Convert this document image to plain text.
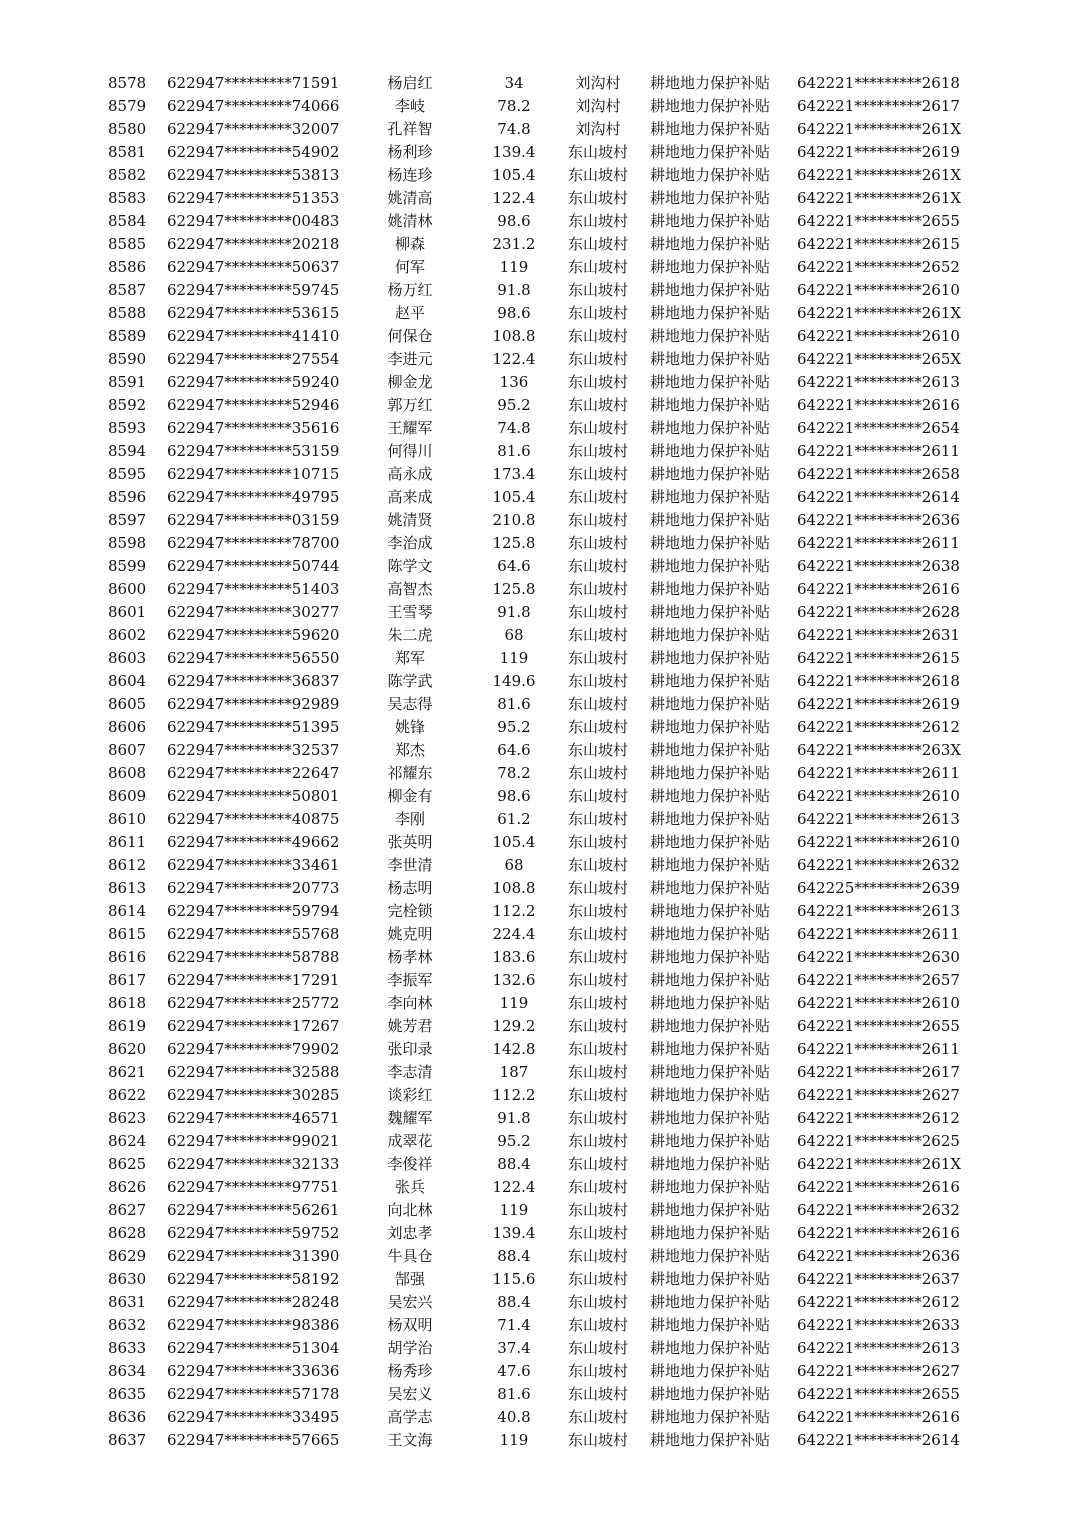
8578	622947*********71591	杨启红	34	刘沟村	耕地地力保护补贴	642221*********2618
8579	622947*********74066	李岐	78.2	刘沟村	耕地地力保护补贴	642221*********2617
8580	622947*********32007	孔祥智	74.8	刘沟村	耕地地力保护补贴	642221*********261X
8581	622947*********54902	杨利珍	139.4	东山坡村	耕地地力保护补贴	642221*********2619
8582	622947*********53813	杨连珍	105.4	东山坡村	耕地地力保护补贴	642221*********261X
8583	622947*********51353	姚清高	122.4	东山坡村	耕地地力保护补贴	642221*********261X
8584	622947*********00483	姚清林	98.6	东山坡村	耕地地力保护补贴	642221*********2655
8585	622947*********20218	柳森	231.2	东山坡村	耕地地力保护补贴	642221*********2615
8586	622947*********50637	何军	119	东山坡村	耕地地力保护补贴	642221*********2652
8587	622947*********59745	杨万红	91.8	东山坡村	耕地地力保护补贴	642221*********2610
8588	622947*********53615	赵平	98.6	东山坡村	耕地地力保护补贴	642221*********261X
8589	622947*********41410	何保仓	108.8	东山坡村	耕地地力保护补贴	642221*********2610
8590	622947*********27554	李进元	122.4	东山坡村	耕地地力保护补贴	642221*********265X
8591	622947*********59240	柳金龙	136	东山坡村	耕地地力保护补贴	642221*********2613
8592	622947*********52946	郭万红	95.2	东山坡村	耕地地力保护补贴	642221*********2616
8593	622947*********35616	王耀军	74.8	东山坡村	耕地地力保护补贴	642221*********2654
8594	622947*********53159	何得川	81.6	东山坡村	耕地地力保护补贴	642221*********2611
8595	622947*********10715	高永成	173.4	东山坡村	耕地地力保护补贴	642221*********2658
8596	622947*********49795	高来成	105.4	东山坡村	耕地地力保护补贴	642221*********2614
8597	622947*********03159	姚清贤	210.8	东山坡村	耕地地力保护补贴	642221*********2636
8598	622947*********78700	李治成	125.8	东山坡村	耕地地力保护补贴	642221*********2611
8599	622947*********50744	陈学文	64.6	东山坡村	耕地地力保护补贴	642221*********2638
8600	622947*********51403	高智杰	125.8	东山坡村	耕地地力保护补贴	642221*********2616
8601	622947*********30277	王雪琴	91.8	东山坡村	耕地地力保护补贴	642221*********2628
8602	622947*********59620	朱二虎	68	东山坡村	耕地地力保护补贴	642221*********2631
8603	622947*********56550	郑军	119	东山坡村	耕地地力保护补贴	642221*********2615
8604	622947*********36837	陈学武	149.6	东山坡村	耕地地力保护补贴	642221*********2618
8605	622947*********92989	吴志得	81.6	东山坡村	耕地地力保护补贴	642221*********2619
8606	622947*********51395	姚锋	95.2	东山坡村	耕地地力保护补贴	642221*********2612
8607	622947*********32537	郑杰	64.6	东山坡村	耕地地力保护补贴	642221*********263X
8608	622947*********22647	祁耀东	78.2	东山坡村	耕地地力保护补贴	642221*********2611
8609	622947*********50801	柳金有	98.6	东山坡村	耕地地力保护补贴	642221*********2610
8610	622947*********40875	李刚	61.2	东山坡村	耕地地力保护补贴	642221*********2613
8611	622947*********49662	张英明	105.4	东山坡村	耕地地力保护补贴	642221*********2610
8612	622947*********33461	李世清	68	东山坡村	耕地地力保护补贴	642221*********2632
8613	622947*********20773	杨志明	108.8	东山坡村	耕地地力保护补贴	642225*********2639
8614	622947*********59794	完栓锁	112.2	东山坡村	耕地地力保护补贴	642221*********2613
8615	622947*********55768	姚克明	224.4	东山坡村	耕地地力保护补贴	642221*********2611
8616	622947*********58788	杨孝林	183.6	东山坡村	耕地地力保护补贴	642221*********2630
8617	622947*********17291	李振军	132.6	东山坡村	耕地地力保护补贴	642221*********2657
8618	622947*********25772	李向林	119	东山坡村	耕地地力保护补贴	642221*********2610
8619	622947*********17267	姚芳君	129.2	东山坡村	耕地地力保护补贴	642221*********2655
8620	622947*********79902	张印录	142.8	东山坡村	耕地地力保护补贴	642221*********2611
8621	622947*********32588	李志清	187	东山坡村	耕地地力保护补贴	642221*********2617
8622	622947*********30285	谈彩红	112.2	东山坡村	耕地地力保护补贴	642221*********2627
8623	622947*********46571	魏耀军	91.8	东山坡村	耕地地力保护补贴	642221*********2612
8624	622947*********99021	成翠花	95.2	东山坡村	耕地地力保护补贴	642221*********2625
8625	622947*********32133	李俊祥	88.4	东山坡村	耕地地力保护补贴	642221*********261X
8626	622947*********97751	张兵	122.4	东山坡村	耕地地力保护补贴	642221*********2616
8627	622947*********56261	向北林	119	东山坡村	耕地地力保护补贴	642221*********2632
8628	622947*********59752	刘忠孝	139.4	东山坡村	耕地地力保护补贴	642221*********2616
8629	622947*********31390	牛具仓	88.4	东山坡村	耕地地力保护补贴	642221*********2636
8630	622947*********58192	郜强	115.6	东山坡村	耕地地力保护补贴	642221*********2637
8631	622947*********28248	吴宏兴	88.4	东山坡村	耕地地力保护补贴	642221*********2612
8632	622947*********98386	杨双明	71.4	东山坡村	耕地地力保护补贴	642221*********2633
8633	622947*********51304	胡学治	37.4	东山坡村	耕地地力保护补贴	642221*********2613
8634	622947*********33636	杨秀珍	47.6	东山坡村	耕地地力保护补贴	642221*********2627
8635	622947*********57178	吴宏义	81.6	东山坡村	耕地地力保护补贴	642221*********2655
8636	622947*********33495	高学志	40.8	东山坡村	耕地地力保护补贴	642221*********2616
8637	622947*********57665	王文海	119	东山坡村	耕地地力保护补贴	642221*********2614
